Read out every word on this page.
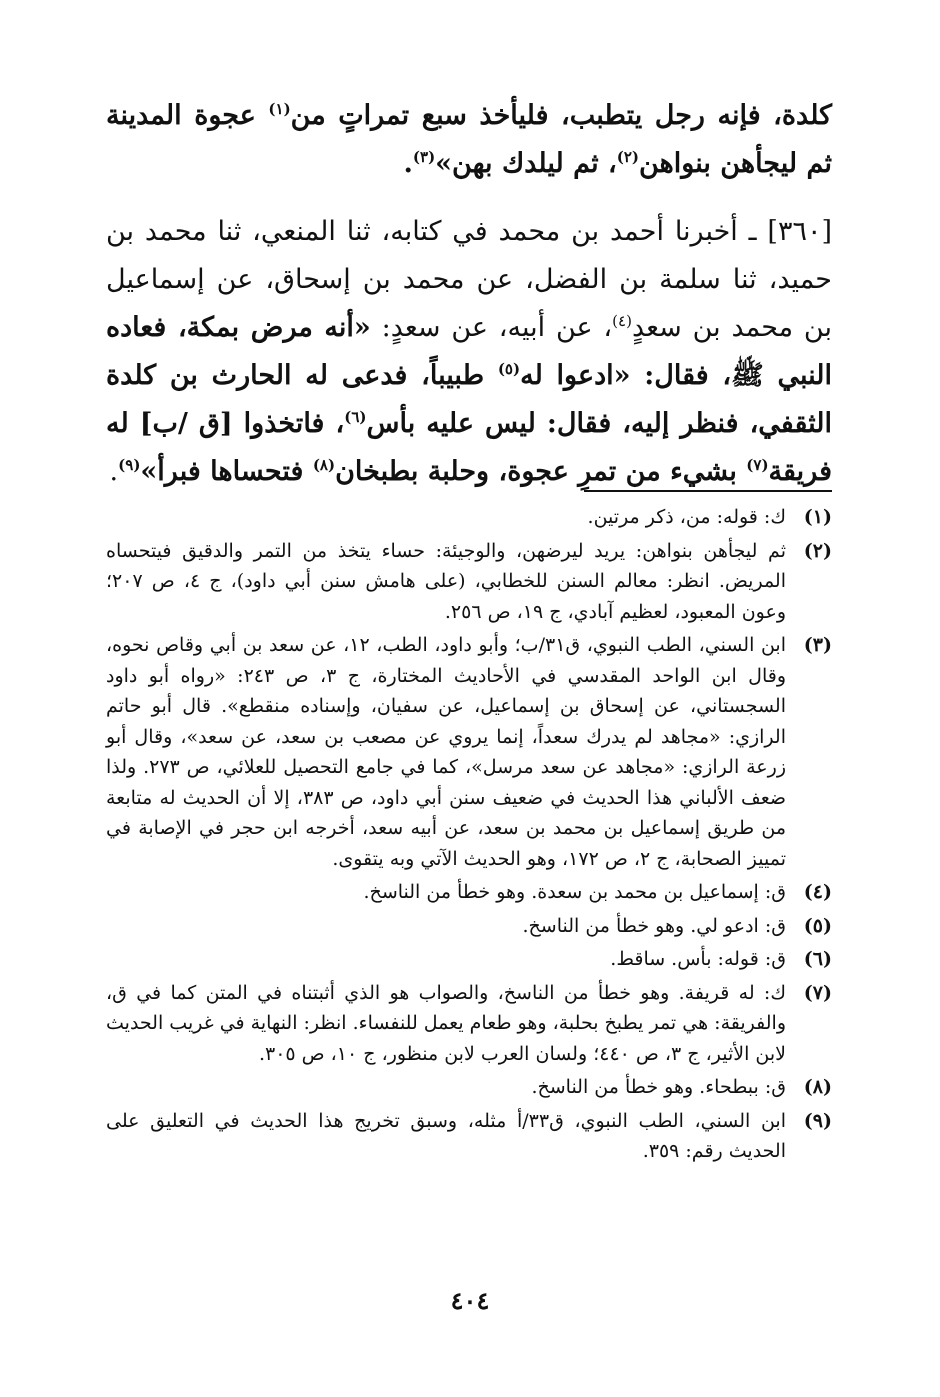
كلدة، فإنه رجل يتطبب، فليأخذ سبع تمراتٍ من$^{(١)}$ عجوة المدينة ثم ليجأهن بنواهن$^{(٢)}$، ثم ليلدك بهن»$^{(٣)}$.

[٣٦٠] ـ أخبرنا أحمد بن محمد في كتابه، ثنا المنعي، ثنا محمد بن حميد، ثنا سلمة بن الفضل، عن محمد بن إسحاق، عن إسماعيل بن محمد بن سعدٍ$^{(٤)}$، عن أبيه، عن سعدٍ: «أنه مرض بمكة، فعاده النبي ﷺ، فقال: «ادعوا له$^{(٥)}$ طبيباً، فدعى له الحارث بن كلدة الثقفي، فنظر إليه، فقال: ليس عليه بأس$^{(٦)}$، فاتخذوا [ق /ب] له فريقة$^{(٧)}$ بشيء من تمرِ عجوة، وحلبة بطبخان$^{(٨)}$ فتحساها فبرأ»$^{(٩)}$.

(١)
ك: قوله: من، ذكر مرتين.
(٢)
ثم ليجأهن بنواهن: يريد ليرضهن، والوجيئة: حساء يتخذ من التمر والدقيق فيتحساه المريض. انظر: معالم السنن للخطابي، (على هامش سنن أبي داود)، ج ٤، ص ٢٠٧؛ وعون المعبود، لعظيم آبادي، ج ١٩، ص ٢٥٦.
(٣)
ابن السني، الطب النبوي، ق٣١/ب؛ وأبو داود، الطب، ١٢، عن سعد بن أبي وقاص نحوه، وقال ابن الواحد المقدسي في الأحاديث المختارة، ج ٣، ص ٢٤٣: «رواه أبو داود السجستاني، عن إسحاق بن إسماعيل، عن سفيان، وإسناده منقطع». قال أبو حاتم الرازي: «مجاهد لم يدرك سعداً، إنما يروي عن مصعب بن سعد، عن سعد»، وقال أبو زرعة الرازي: «مجاهد عن سعد مرسل»، كما في جامع التحصيل للعلائي، ص ٢٧٣. ولذا ضعف الألباني هذا الحديث في ضعيف سنن أبي داود، ص ٣٨٣، إلا أن الحديث له متابعة من طريق إسماعيل بن محمد بن سعد، عن أبيه سعد، أخرجه ابن حجر في الإصابة في تمييز الصحابة، ج ٢، ص ١٧٢، وهو الحديث الآتي وبه يتقوى.
(٤)
ق: إسماعيل بن محمد بن سعدة. وهو خطأ من الناسخ.
(٥)
ق: ادعو لي. وهو خطأ من الناسخ.
(٦)
ق: قوله: بأس. ساقط.
(٧)
ك: له قريفة. وهو خطأ من الناسخ، والصواب هو الذي أثبتناه في المتن كما في ق، والفريقة: هي تمر يطبخ بحلبة، وهو طعام يعمل للنفساء. انظر: النهاية في غريب الحديث لابن الأثير، ج ٣، ص ٤٤٠؛ ولسان العرب لابن منظور، ج ١٠، ص ٣٠٥.
(٨)
ق: ببطحاء. وهو خطأ من الناسخ.
(٩)
ابن السني، الطب النبوي، ق٣٣/أ مثله، وسبق تخريج هذا الحديث في التعليق على الحديث رقم: ٣٥٩.
٤٠٤
